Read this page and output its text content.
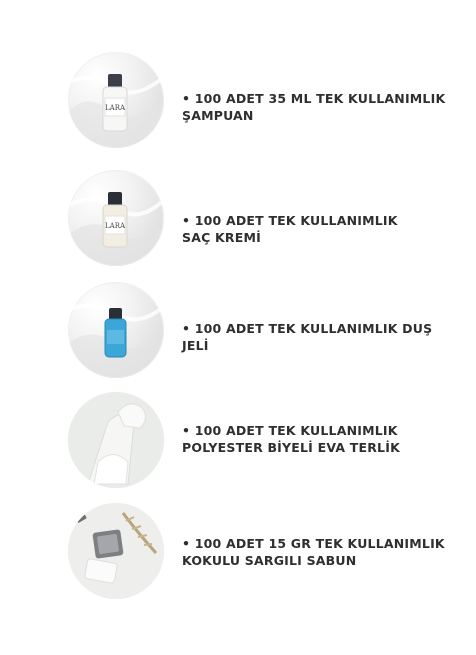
LARA
• 100 ADET 35 ML TEK KULLANIMLIK
ŞAMPUAN
LARA	• 100 ADET TEK KULLANIMLIK
SAÇ KREMİ
• 100 ADET TEK KULLANIMLIK DUŞ
JELİ
• 100 ADET TEK KULLANIMLIK
POLYESTER BİYELİ EVA TERLİK
• 100 ADET 15 GR TEK KULLANIMLIK
KOKULU SARGILI SABUN
